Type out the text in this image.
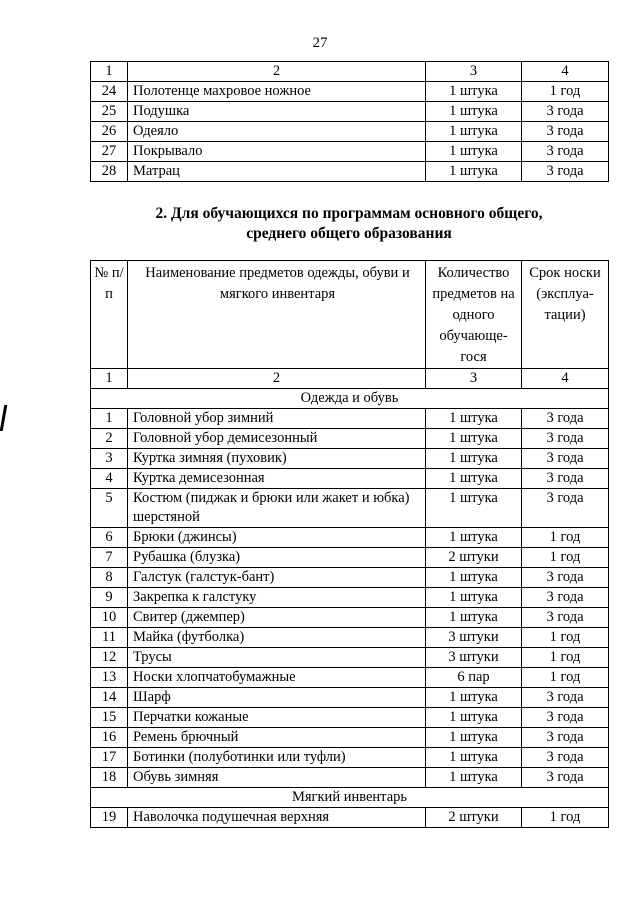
27
1	2	3	4
24	Полотенце махровое ножное	1 штука	1 год
25	Подушка	1 штука	3 года
26	Одеяло	1 штука	3 года
27	Покрывало	1 штука	3 года
28	Матрац	1 штука	3 года
2. Для обучающихся по программам основного общего,
среднего общего образования
№ п/п	Наименование предметов одежды, обуви и мягкого инвентаря	Количество предметов на одного обучающе-гося	Срок носки (эксплуа-тации)
1	2	3	4
Одежда и обувь			
1	Головной убор зимний	1 штука	3 года
2	Головной убор демисезонный	1 штука	3 года
3	Куртка зимняя (пуховик)	1 штука	3 года
4	Куртка демисезонная	1 штука	3 года
5	Костюм (пиджак и брюки или жакет и юбка) шерстяной	1 штука	3 года
6	Брюки (джинсы)	1 штука	1 год
7	Рубашка (блузка)	2 штуки	1 год
8	Галстук (галстук-бант)	1 штука	3 года
9	Закрепка к галстуку	1 штука	3 года
10	Свитер (джемпер)	1 штука	3 года
11	Майка (футболка)	3 штуки	1 год
12	Трусы	3 штуки	1 год
13	Носки хлопчатобумажные	6 пар	1 год
14	Шарф	1 штука	3 года
15	Перчатки кожаные	1 штука	3 года
16	Ремень брючный	1 штука	3 года
17	Ботинки (полуботинки или туфли)	1 штука	3 года
18	Обувь зимняя	1 штука	3 года
Мягкий инвентарь			
19	Наволочка подушечная верхняя	2 штуки	1 год
